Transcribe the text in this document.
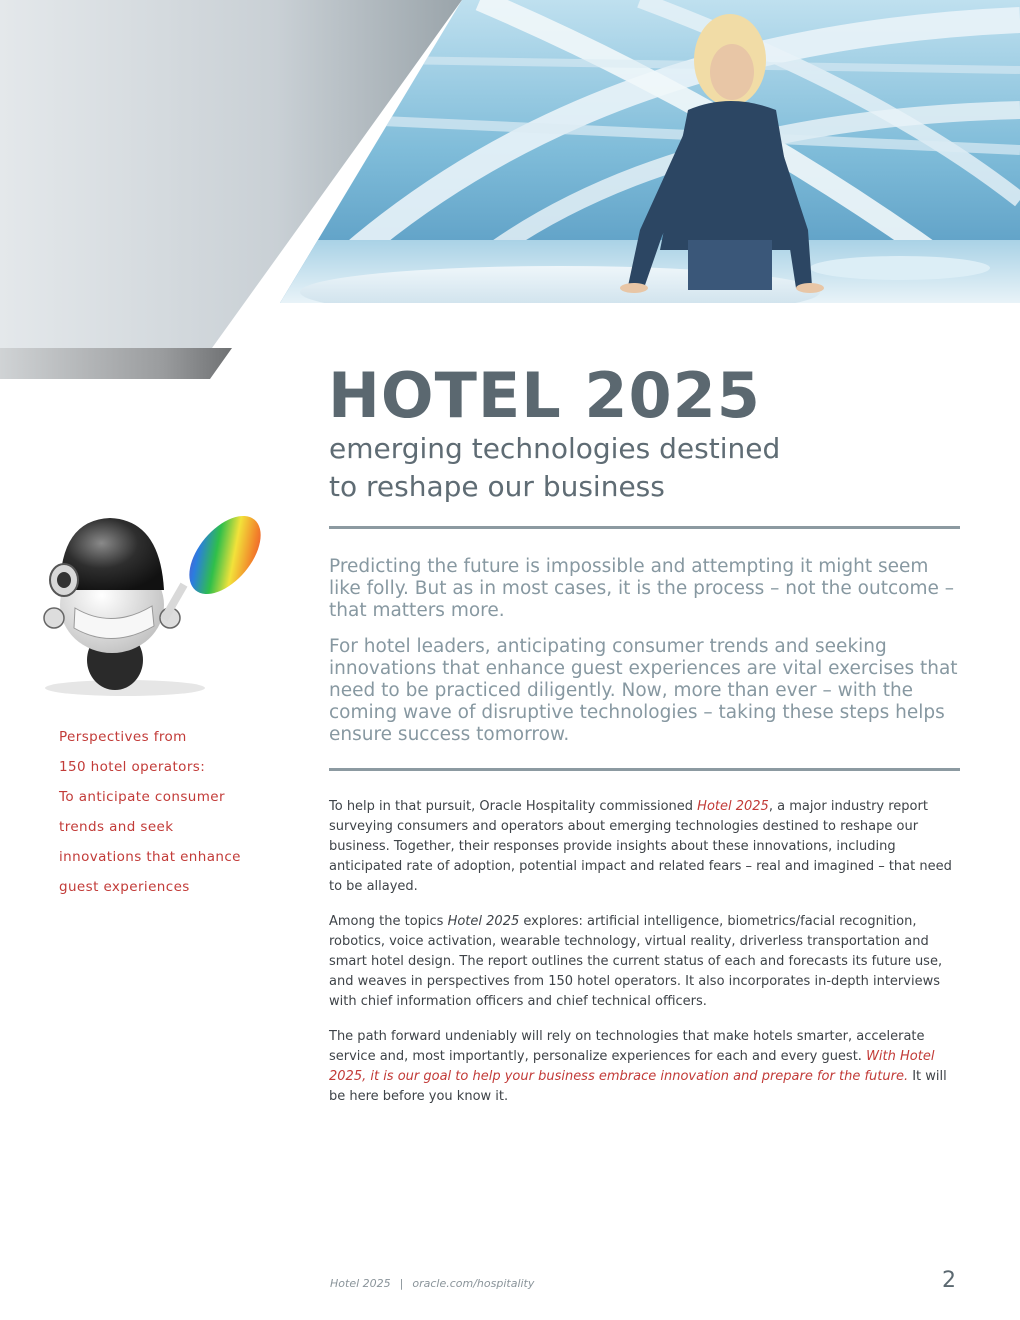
HOTEL 2025
emerging technologies destined
to reshape our business

Predicting the future is impossible and attempting it might seem like folly. But as in most cases, it is the process – not the outcome – that matters more.

For hotel leaders, anticipating consumer trends and seeking innovations that enhance guest experiences are vital exercises that need to be practiced diligently. Now, more than ever – with the coming wave of disruptive technologies – taking these steps helps ensure success tomorrow.

Perspectives from
150 hotel operators:
To anticipate consumer
trends and seek
innovations that enhance
guest experiences

To help in that pursuit, Oracle Hospitality commissioned Hotel 2025, a major industry report surveying consumers and operators about emerging technologies destined to reshape our business. Together, their responses provide insights about these innovations, including anticipated rate of adoption, potential impact and related fears – real and imagined – that need to be allayed.

Among the topics Hotel 2025 explores: artificial intelligence, biometrics/facial recognition, robotics, voice activation, wearable technology, virtual reality, driverless transportation and smart hotel design. The report outlines the current status of each and forecasts its future use, and weaves in perspectives from 150 hotel operators. It also incorporates in-depth interviews with chief information officers and chief technical officers.

The path forward undeniably will rely on technologies that make hotels smarter, accelerate service and, most importantly, personalize experiences for each and every guest. With Hotel 2025, it is our goal to help your business embrace innovation and prepare for the future. It will be here before you know it.

Hotel 2025 | oracle.com/hospitality	2
